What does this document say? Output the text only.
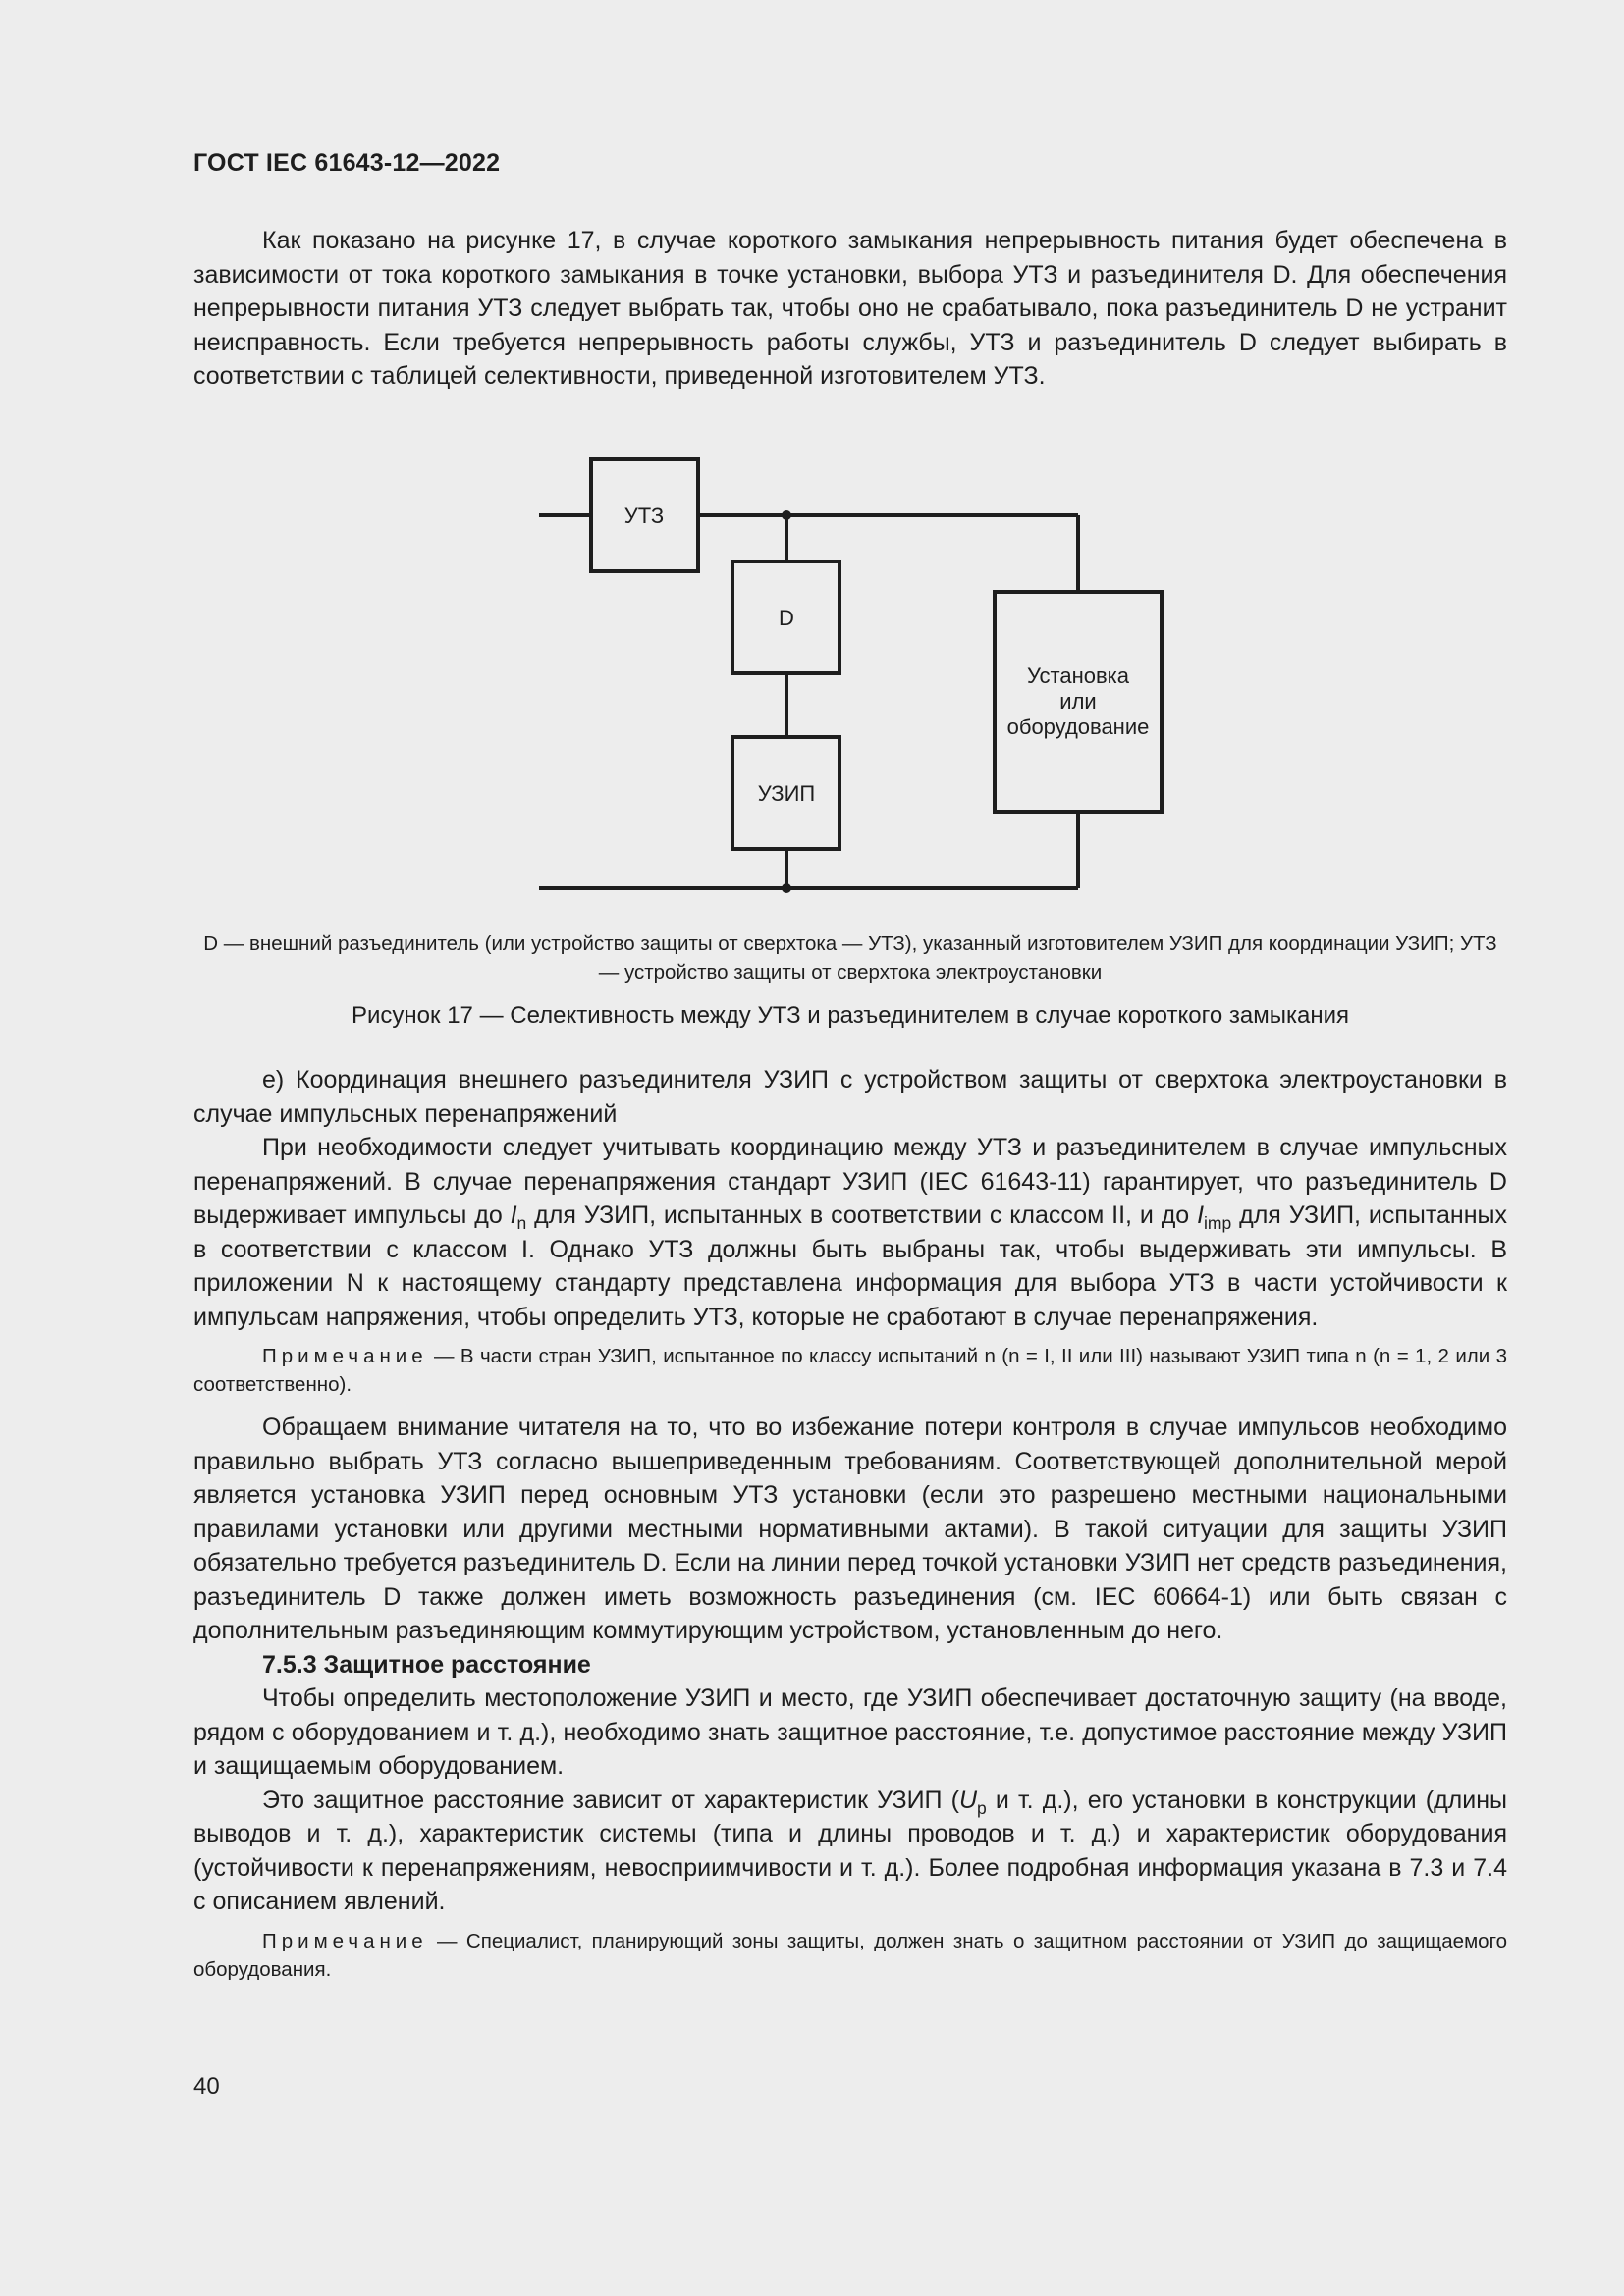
ГОСТ IEC 61643-12—2022

Как показано на рисунке 17, в случае короткого замыкания непрерывность питания будет обеспечена в зависимости от тока короткого замыкания в точке установки, выбора УТЗ и разъединителя D. Для обеспечения непрерывности питания УТЗ следует выбрать так, чтобы оно не срабатывало, пока разъединитель D не устранит неисправность. Если требуется непрерывность работы службы, УТЗ и разъединитель D следует выбирать в соответствии с таблицей селективности, приведенной изготовителем УТЗ.

УТЗ
D
УЗИП
Установка
или
оборудование

D — внешний разъединитель (или устройство защиты от сверхтока — УТЗ), указанный изготовителем УЗИП для координации УЗИП; УТЗ — устройство защиты от сверхтока электроустановки

Рисунок 17 — Селективность между УТЗ и разъединителем в случае короткого замыкания

e) Координация внешнего разъединителя УЗИП с устройством защиты от сверхтока электроустановки в случае импульсных перенапряжений

При необходимости следует учитывать координацию между УТЗ и разъединителем в случае импульсных перенапряжений. В случае перенапряжения стандарт УЗИП (IEC 61643-11) гарантирует, что разъединитель D выдерживает импульсы до $I_n$ для УЗИП, испытанных в соответствии с классом II, и до $I_{imp}$ для УЗИП, испытанных в соответствии с классом I. Однако УТЗ должны быть выбраны так, чтобы выдерживать эти импульсы. В приложении N к настоящему стандарту представлена информация для выбора УТЗ в части устойчивости к импульсам напряжения, чтобы определить УТЗ, которые не сработают в случае перенапряжения.

Примечание — В части стран УЗИП, испытанное по классу испытаний n (n = I, II или III) называют УЗИП типа n (n = 1, 2 или 3 соответственно).

Обращаем внимание читателя на то, что во избежание потери контроля в случае импульсов необходимо правильно выбрать УТЗ согласно вышеприведенным требованиям. Соответствующей дополнительной мерой является установка УЗИП перед основным УТЗ установки (если это разрешено местными национальными правилами установки или другими местными нормативными актами). В такой ситуации для защиты УЗИП обязательно требуется разъединитель D. Если на линии перед точкой установки УЗИП нет средств разъединения, разъединитель D также должен иметь возможность разъединения (см. IEC 60664-1) или быть связан с дополнительным разъединяющим коммутирующим устройством, установленным до него.

7.5.3 Защитное расстояние

Чтобы определить местоположение УЗИП и место, где УЗИП обеспечивает достаточную защиту (на вводе, рядом с оборудованием и т. д.), необходимо знать защитное расстояние, т.е. допустимое расстояние между УЗИП и защищаемым оборудованием.

Это защитное расстояние зависит от характеристик УЗИП ($U_p$ и т. д.), его установки в конструкции (длины выводов и т. д.), характеристик системы (типа и длины проводов и т. д.) и характеристик оборудования (устойчивости к перенапряжениям, невосприимчивости и т. д.). Более подробная информация указана в 7.3 и 7.4 с описанием явлений.

Примечание — Специалист, планирующий зоны защиты, должен знать о защитном расстоянии от УЗИП до защищаемого оборудования.

40
